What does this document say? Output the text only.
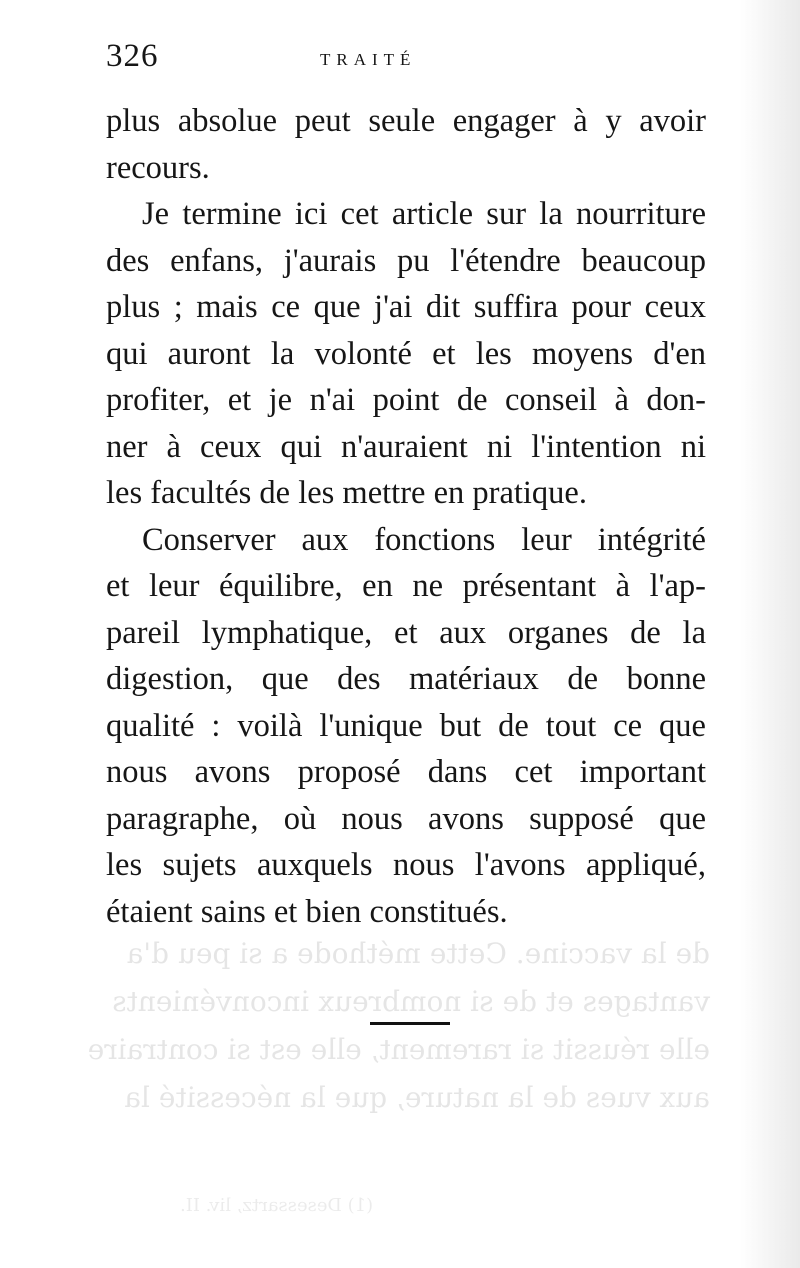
de la vaccine. Cette méthode a si peu d'a
vantages et de si nombreux inconvénients
elle réussit si rarement, elle est si contraire
aux vues de la nature, que la nécessité la
(1) Desessartz, liv. II.
326	TRAITÉ
plus absolue peut seule engager à y avoir
recours.
Je termine ici cet article sur la nourriture
des enfans, j'aurais pu l'étendre beaucoup
plus ; mais ce que j'ai dit suffira pour ceux
qui auront la volonté et les moyens d'en
profiter, et je n'ai point de conseil à don-
ner à ceux qui n'auraient ni l'intention ni
les facultés de les mettre en pratique.
Conserver aux fonctions leur intégrité
et leur équilibre, en ne présentant à l'ap-
pareil lymphatique, et aux organes de la
digestion, que des matériaux de bonne
qualité : voilà l'unique but de tout ce que
nous avons proposé dans cet important
paragraphe, où nous avons supposé que
les sujets auxquels nous l'avons appliqué,
étaient sains et bien constitués.
